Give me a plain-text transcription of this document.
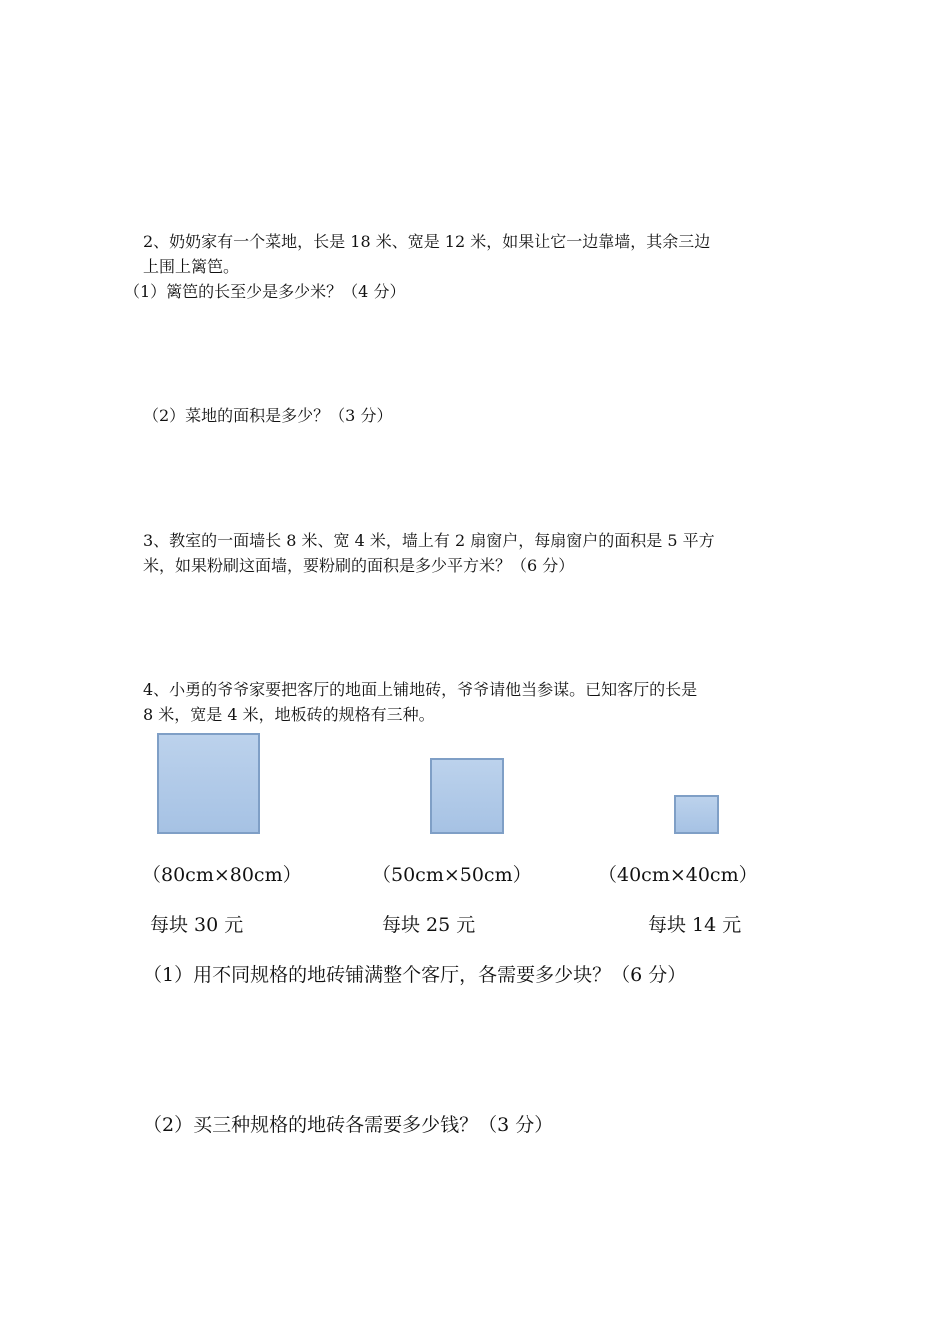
2、奶奶家有一个菜地，长是 18 米、宽是 12 米，如果让它一边靠墙，其余三边
上围上篱笆。
（1）篱笆的长至少是多少米？（4 分）
（2）菜地的面积是多少？（3 分）
3、教室的一面墙长 8 米、宽 4 米，墙上有 2 扇窗户，每扇窗户的面积是 5 平方
米，如果粉刷这面墙，要粉刷的面积是多少平方米？（6 分）
4、小勇的爷爷家要把客厅的地面上铺地砖，爷爷请他当参谋。已知客厅的长是
8 米，宽是 4 米，地板砖的规格有三种。
（80cm×80cm）	（50cm×50cm）	（40cm×40cm）
每块 30 元	每块 25 元	每块 14 元
（1）用不同规格的地砖铺满整个客厅，各需要多少块？（6 分）
（2）买三种规格的地砖各需要多少钱？（3 分）
